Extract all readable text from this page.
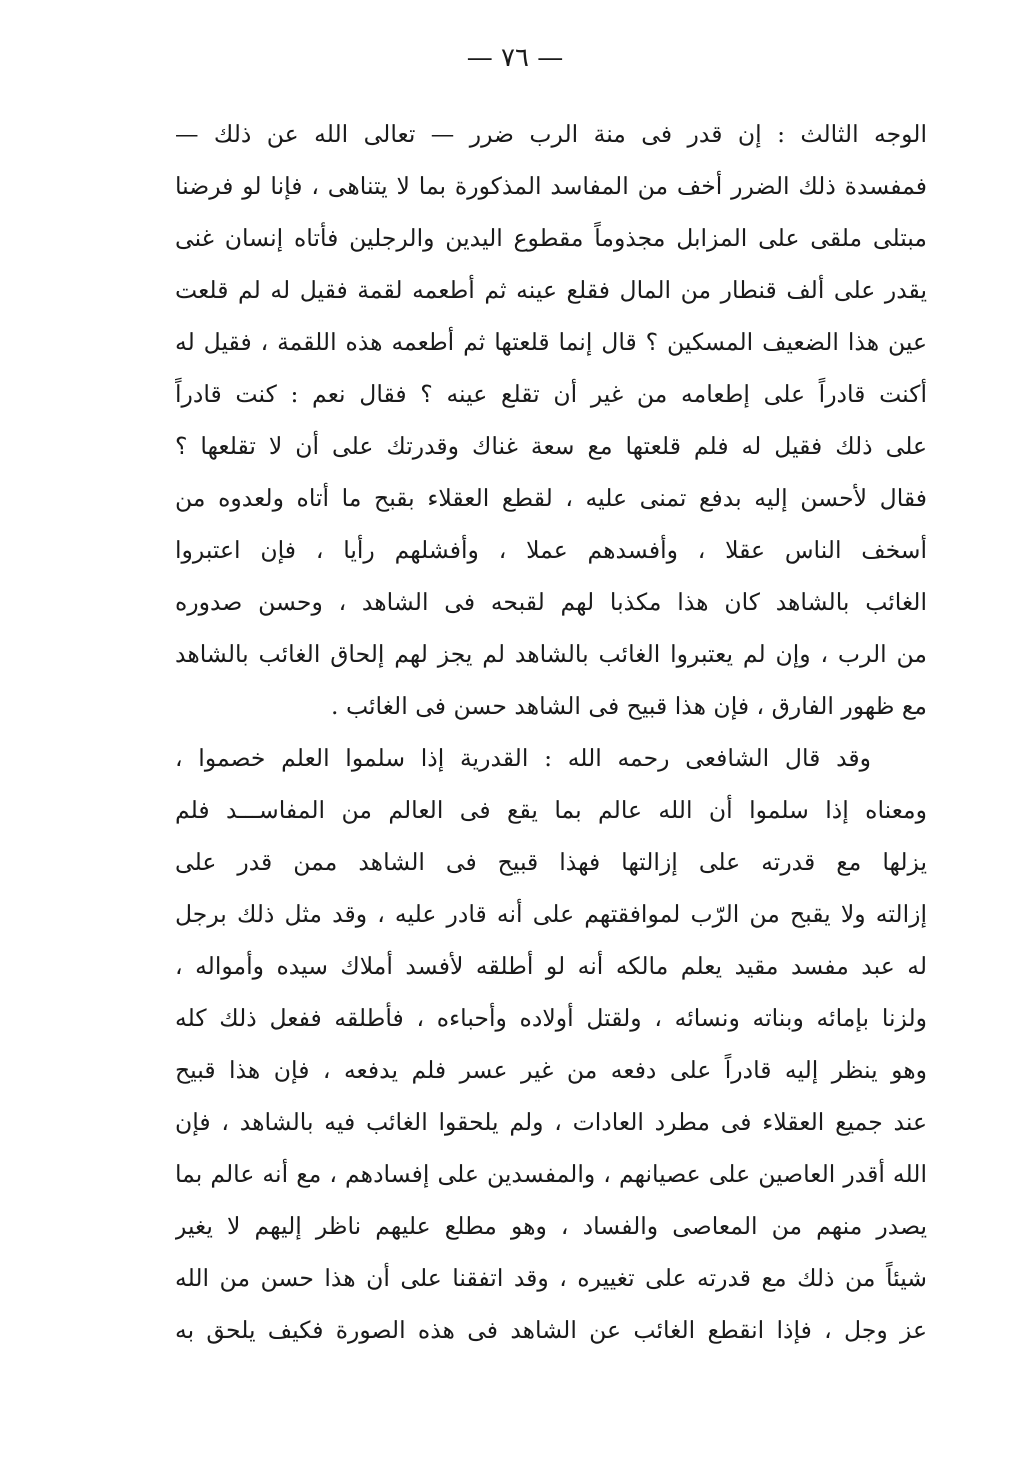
— ٧٦ —
الوجه الثالث : إن قدر فى منة الرب ضرر — تعالى الله عن ذلك —
فمفسدة ذلك الضرر أخف من المفاسد المذكورة بما لا يتناهى ، فإنا لو فرضنا
مبتلى ملقى على المزابل مجذوماً مقطوع اليدين والرجلين فأتاه إنسان غنى
يقدر على ألف قنطار من المال فقلع عينه ثم أطعمه لقمة فقيل له لم قلعت
عين هذا الضعيف المسكين ؟ قال إنما قلعتها ثم أطعمه هذه اللقمة ، فقيل له
أكنت قادراً على إطعامه من غير أن تقلع عينه ؟ فقال نعم : كنت قادراً
على ذلك فقيل له فلم قلعتها مع سعة غناك وقدرتك على أن لا تقلعها ؟
فقال لأحسن إليه بدفع تمنى عليه ، لقطع العقلاء بقبح ما أتاه ولعدوه من
أسخف الناس عقلا ، وأفسدهم عملا ، وأفشلهم رأيا ، فإن اعتبروا
الغائب بالشاهد كان هذا مكذبا لهم لقبحه فى الشاهد ، وحسن صدوره
من الرب ، وإن لم يعتبروا الغائب بالشاهد لم يجز لهم إلحاق الغائب بالشاهد
مع ظهور الفارق ، فإن هذا قبيح فى الشاهد حسن فى الغائب .
وقد قال الشافعى رحمه الله : القدرية إذا سلموا العلم خصموا ،
ومعناه إذا سلموا أن الله عالم بما يقع فى العالم من المفاســـد فلم
يزلها مع قدرته على إزالتها فهذا قبيح فى الشاهد ممن قدر على
إزالته ولا يقبح من الرّب لموافقتهم على أنه قادر عليه ، وقد مثل ذلك برجل
له عبد مفسد مقيد يعلم مالكه أنه لو أطلقه لأفسد أملاك سيده وأمواله ،
ولزنا بإمائه وبناته ونسائه ، ولقتل أولاده وأحباءه ، فأطلقه ففعل ذلك كله
وهو ينظر إليه قادراً على دفعه من غير عسر فلم يدفعه ، فإن هذا قبيح
عند جميع العقلاء فى مطرد العادات ، ولم يلحقوا الغائب فيه بالشاهد ، فإن
الله أقدر العاصين على عصيانهم ، والمفسدين على إفسادهم ، مع أنه عالم بما
يصدر منهم من المعاصى والفساد ، وهو مطلع عليهم ناظر إليهم لا يغير
شيئاً من ذلك مع قدرته على تغييره ، وقد اتفقنا على أن هذا حسن من الله
عز وجل ، فإذا انقطع الغائب عن الشاهد فى هذه الصورة فكيف يلحق به
